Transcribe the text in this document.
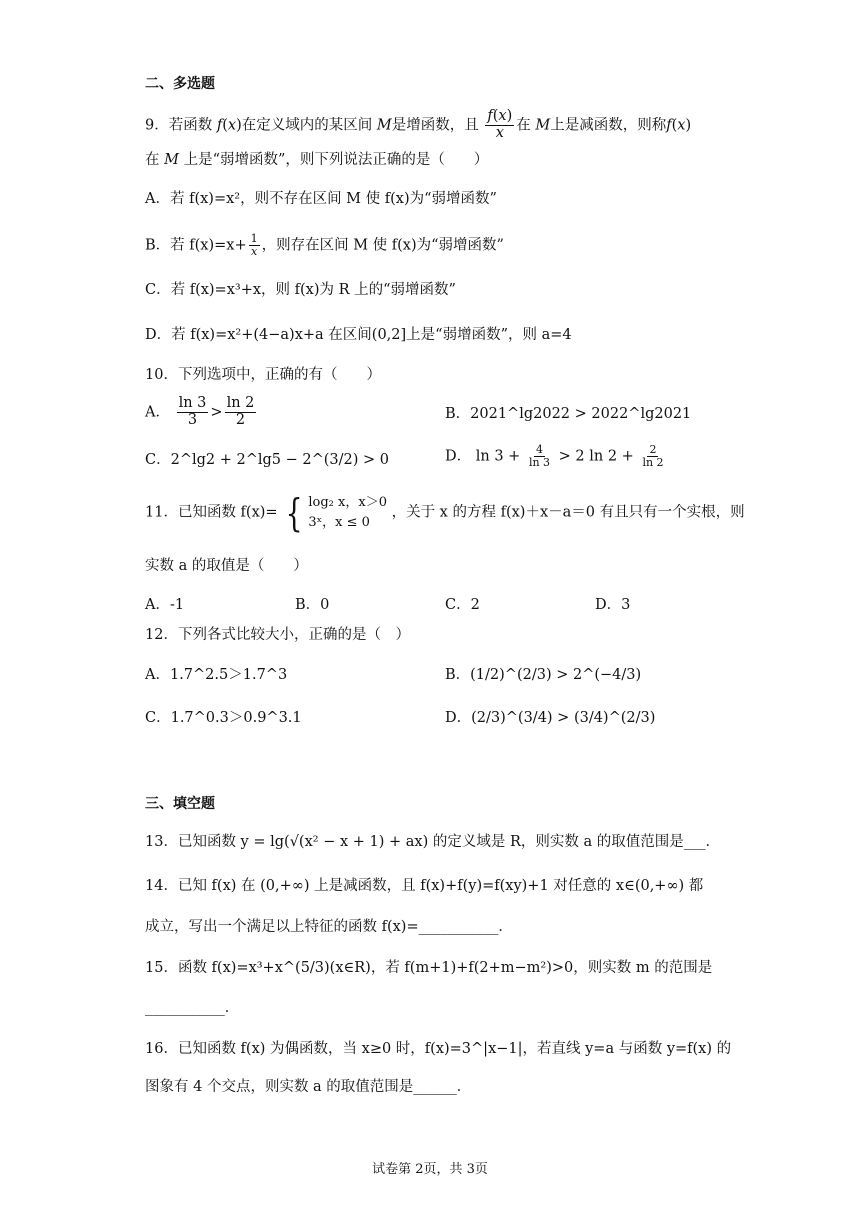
二、多选题
9．若函数 f(x)在定义域内的某区间 M是增函数，且 $\frac{f(x)}{x}$ 在 M上是减函数，则称f(x)
在 M 上是“弱增函数”，则下列说法正确的是（　　）
A．若 f(x)=x²，则不存在区间 M 使 f(x)为“弱增函数”
B．若 $f(x)=x+ \frac{1}{x}$ ，则存在区间 M 使 f(x)为“弱增函数”
C．若 f(x)=x³+x，则 f(x)为 R 上的“弱增函数”
D．若 f(x)=x²+(4−a)x+a 在区间(0,2]上是“弱增函数”，则 a=4
10．下列选项中，正确的有（　　）
A． $\frac{\ln 3}{3} > \frac{\ln 2}{2}$	B．2021^lg2022 > 2022^lg2021
C．2^lg2 + 2^lg5 − 2^(3/2) > 0	D． $\ln 3 + \frac{4}{\ln 3} > 2$ $\ln 2 + \frac{2}{\ln 2}$
11．已知函数 f(x)= { log₂ x，x＞0
3ˣ，x ≤ 0
，关于 x 的方程 f(x)＋x－a＝0 有且只有一个实根，则
实数 a 的取值是（　　）
A．-1	B．0	C．2	D．3
12．下列各式比较大小，正确的是（　）
A．1.7^2.5＞1.7^3	B．(1/2)^(2/3) > 2^(−4/3)
C．1.7^0.3＞0.9^3.1	D．(2/3)^(3/4) > (3/4)^(2/3)
三、填空题
13．已知函数 y = lg(√(x² − x + 1) + ax) 的定义域是 R，则实数 a 的取值范围是___．
14．已知 f(x) 在 (0,+∞) 上是减函数，且 f(x)+f(y)=f(xy)+1 对任意的 x∈(0,+∞) 都
成立，写出一个满足以上特征的函数 f(x)=___________．
15．函数 f(x)=x³+x^(5/3)(x∈R)，若 f(m+1)+f(2+m−m²)>0，则实数 m 的范围是
___________．
16．已知函数 f(x) 为偶函数，当 x≥0 时，f(x)=3^|x−1|，若直线 y=a 与函数 y=f(x) 的
图象有 4 个交点，则实数 a 的取值范围是______．
试卷第 2页，共 3页
